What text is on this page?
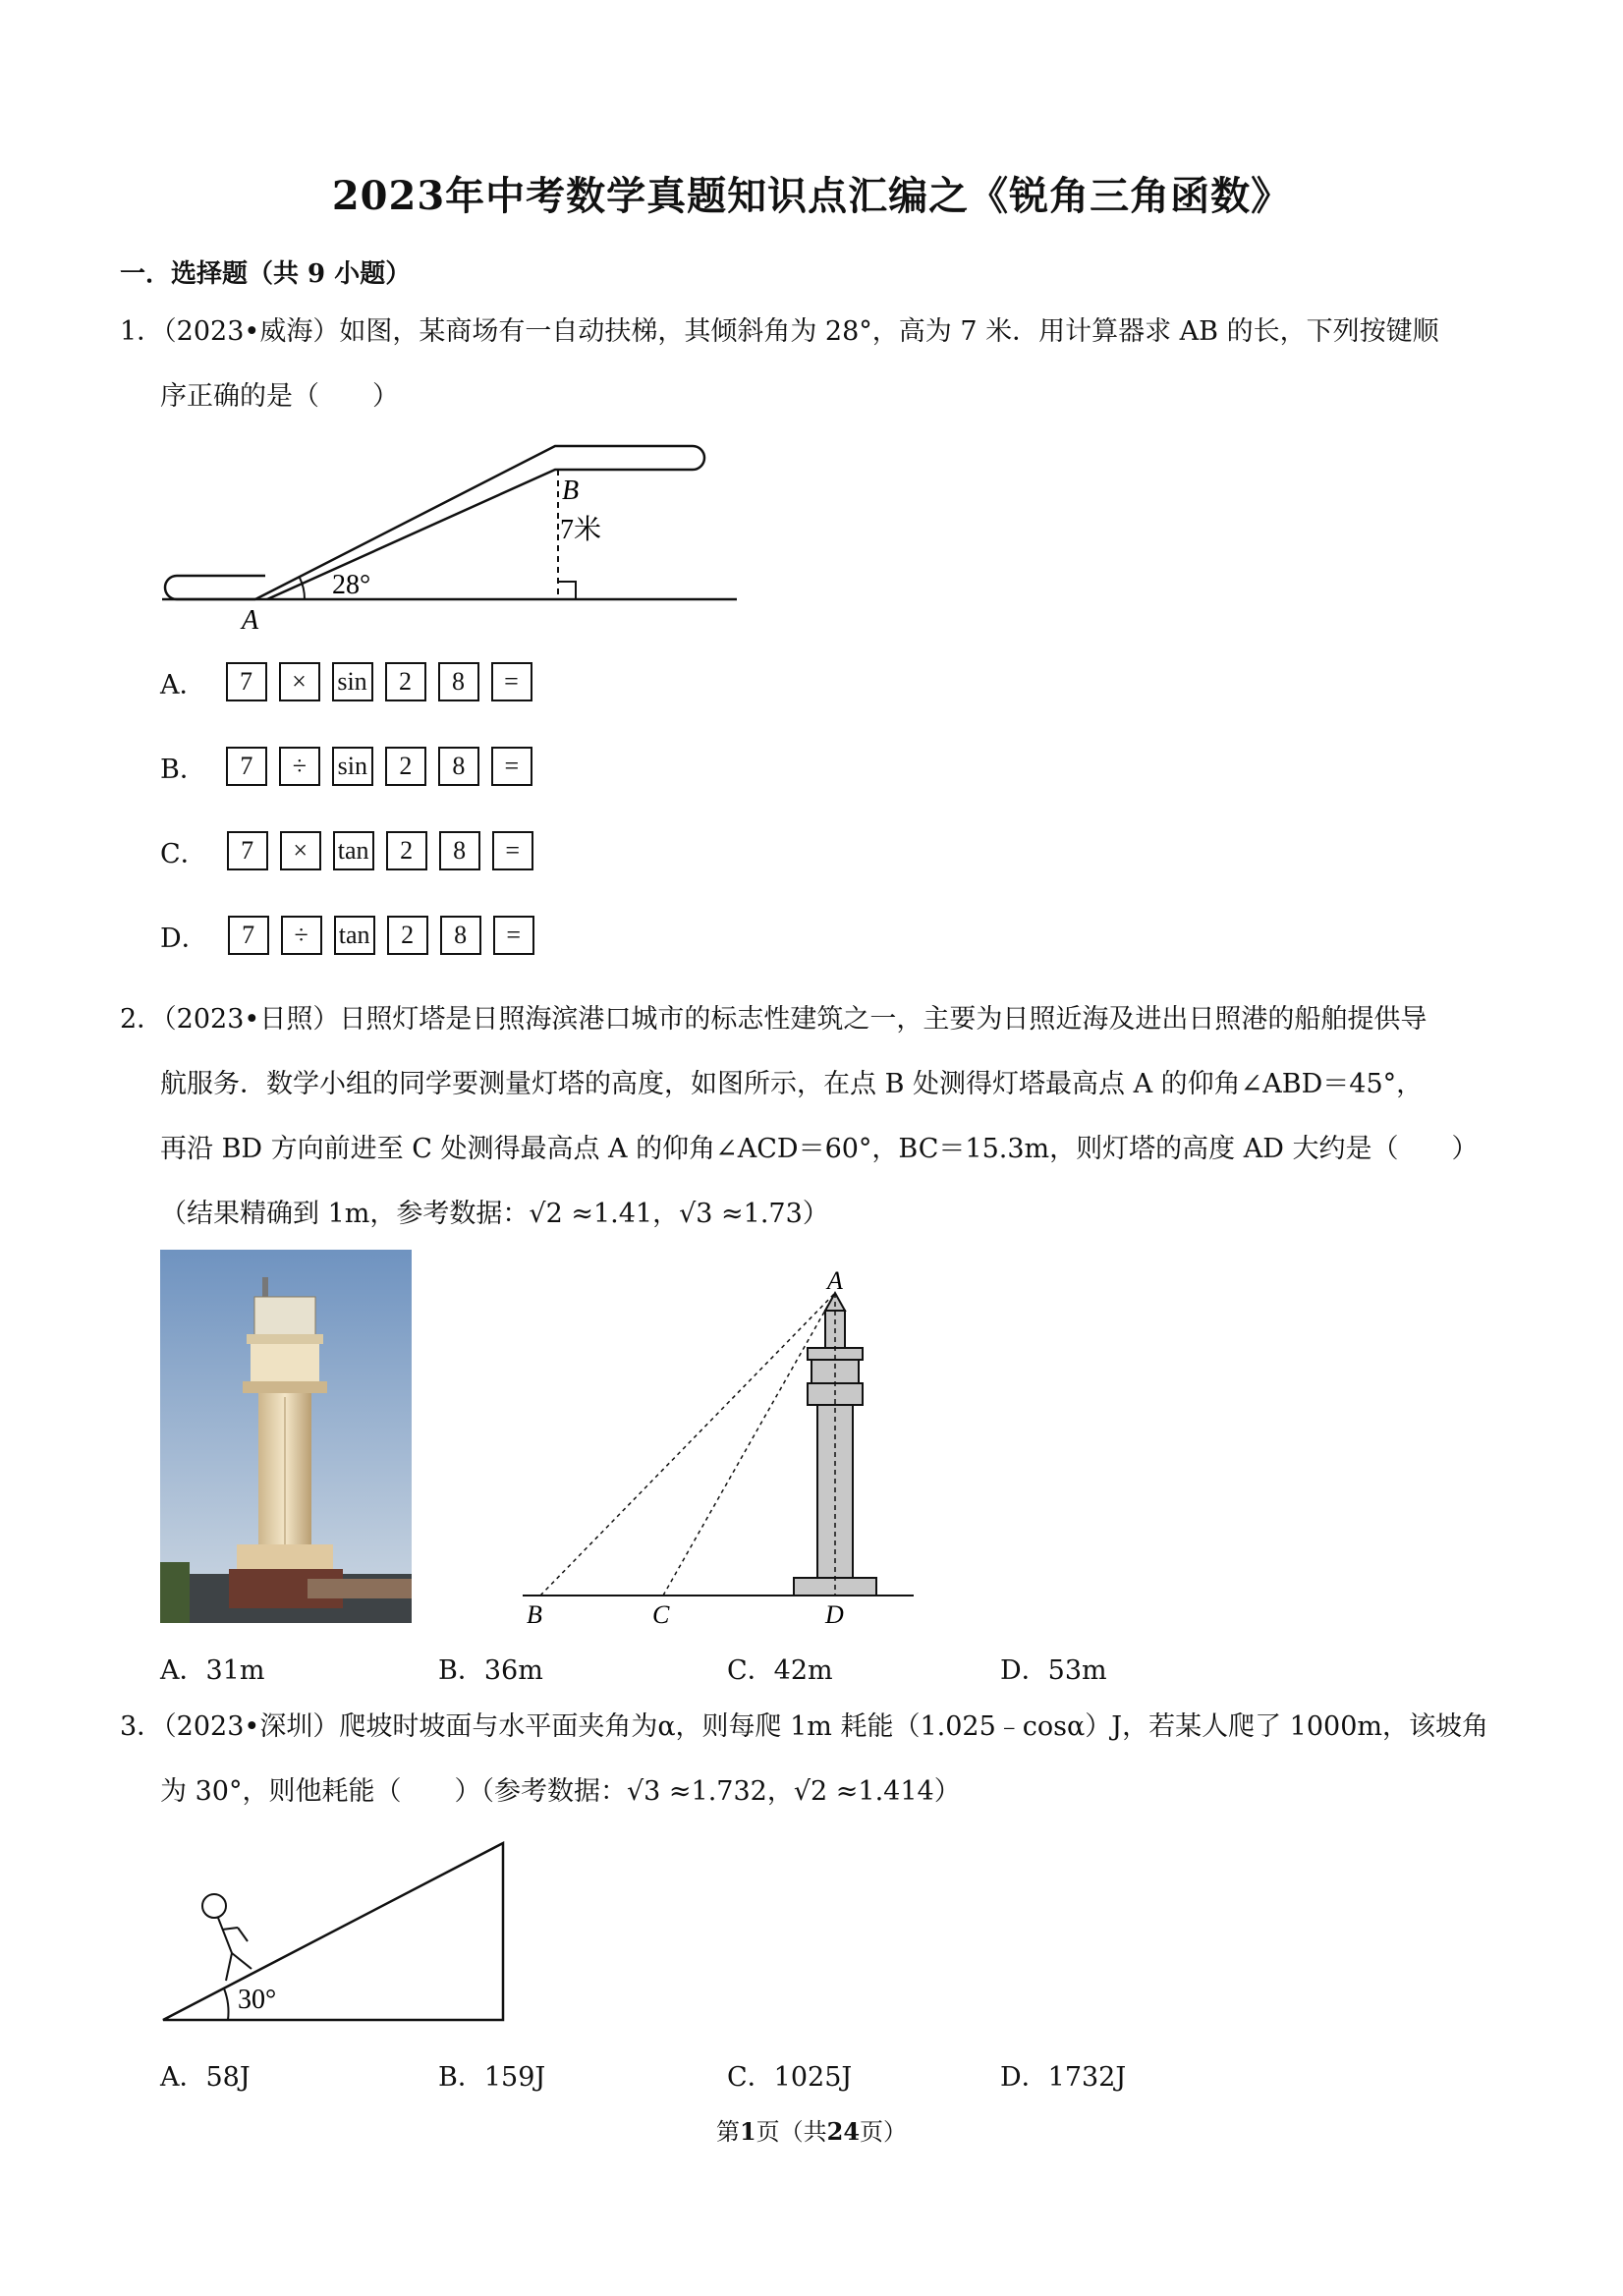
2023年中考数学真题知识点汇编之《锐角三角函数》
一．选择题（共 9 小题）
1．（2023•威海）如图，某商场有一自动扶梯，其倾斜角为 28°，高为 7 米．用计算器求 AB 的长，下列按键顺
序正确的是（　　）
B
7米
28°
A
A．	7	×	sin	2	8	=
B．	7	÷	sin	2	8	=
C．	7	×	tan	2	8	=
D．	7	÷	tan	2	8	=
2．（2023•日照）日照灯塔是日照海滨港口城市的标志性建筑之一，主要为日照近海及进出日照港的船舶提供导
航服务．数学小组的同学要测量灯塔的高度，如图所示，在点 B 处测得灯塔最高点 A 的仰角∠ABD＝45°，
再沿 BD 方向前进至 C 处测得最高点 A 的仰角∠ACD＝60°，BC＝15.3m，则灯塔的高度 AD 大约是（　　）
（结果精确到 1m，参考数据：√2 ≈1.41，√3 ≈1.73）
A
B	C	D
A．31m	B．36m	C．42m	D．53m
3．（2023•深圳）爬坡时坡面与水平面夹角为α，则每爬 1m 耗能（1.025﹣cosα）J，若某人爬了 1000m，该坡角
为 30°，则他耗能（　　）（参考数据：√3 ≈1.732，√2 ≈1.414）
30°
A．58J	B．159J	C．1025J	D．1732J
第1页（共24页）
